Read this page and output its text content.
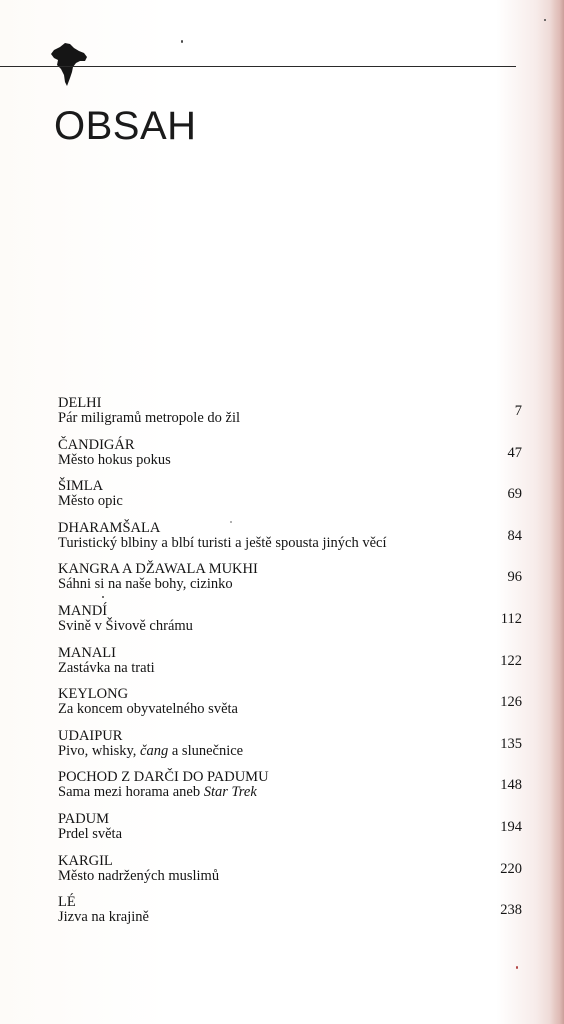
OBSAH
DELHI
Pár miligramů metropole do žil	7
ČANDIGÁR
Město hokus pokus	47
ŠIMLA
Město opic	69
DHARAMŠALA
Turistický blbiny a blbí turisti a ještě spousta jiných věcí	84
KANGRA A DŽAWALA MUKHI
Sáhni si na naše bohy, cizinko	96
MANDÍ
Svině v Šivově chrámu	112
MANALI
Zastávka na trati	122
KEYLONG
Za koncem obyvatelného světa	126
UDAIPUR
Pivo, whisky, čang a slunečnice	135
POCHOD Z DARČI DO PADUMU
Sama mezi horama aneb Star Trek	148
PADUM
Prdel světa	194
KARGIL
Město nadržených muslimů	220
LÉ
Jizva na krajině	238
